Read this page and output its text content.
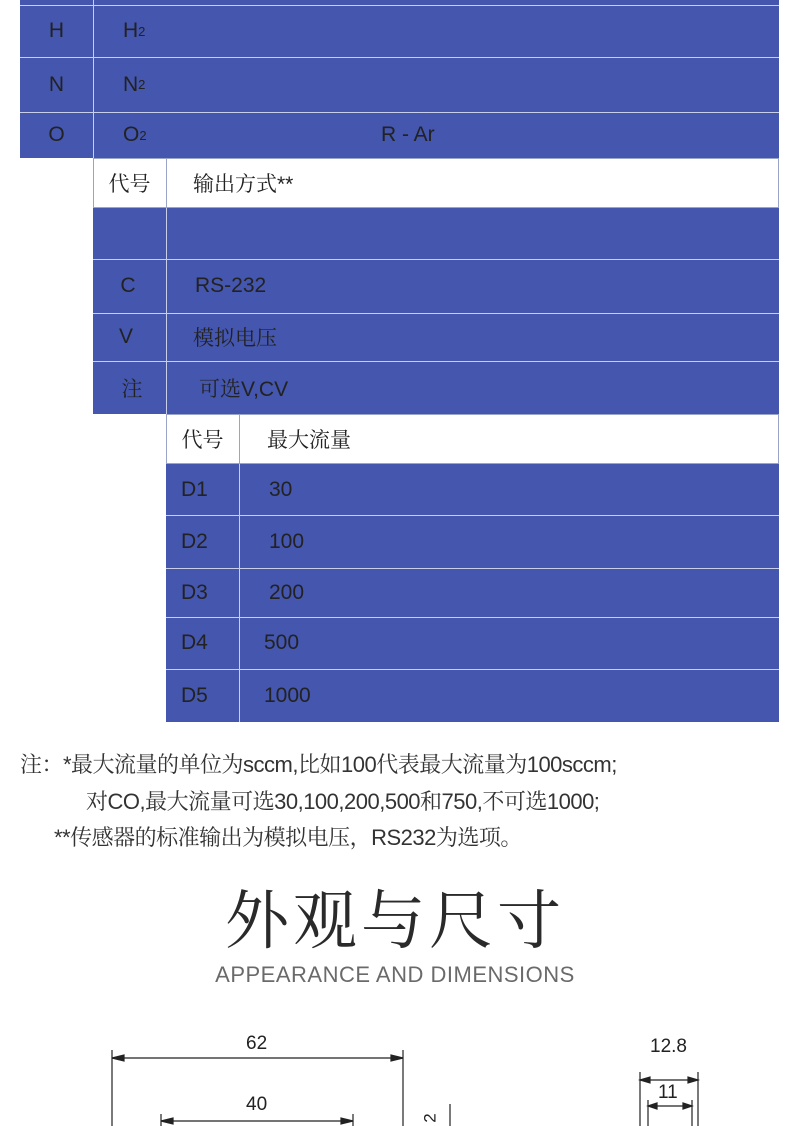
H	H 2
N	N 2
O	O 2	R - Ar
代号 输出方式**
C	RS-232
V	模拟电压
注	可选V,CV
代号 最大流量
D1	30
D2	100
D3	200
D4	500
D5	1000
注：*最大流量的单位为sccm,比如100代表最大流量为100sccm;
对CO,最大流量可选30,100,200,500和750,不可选1000;
**传感器的标准输出为模拟电压，RS232为选项。
外观与尺寸
APPEARANCE AND DIMENSIONS
62
40
12.8
11
2
